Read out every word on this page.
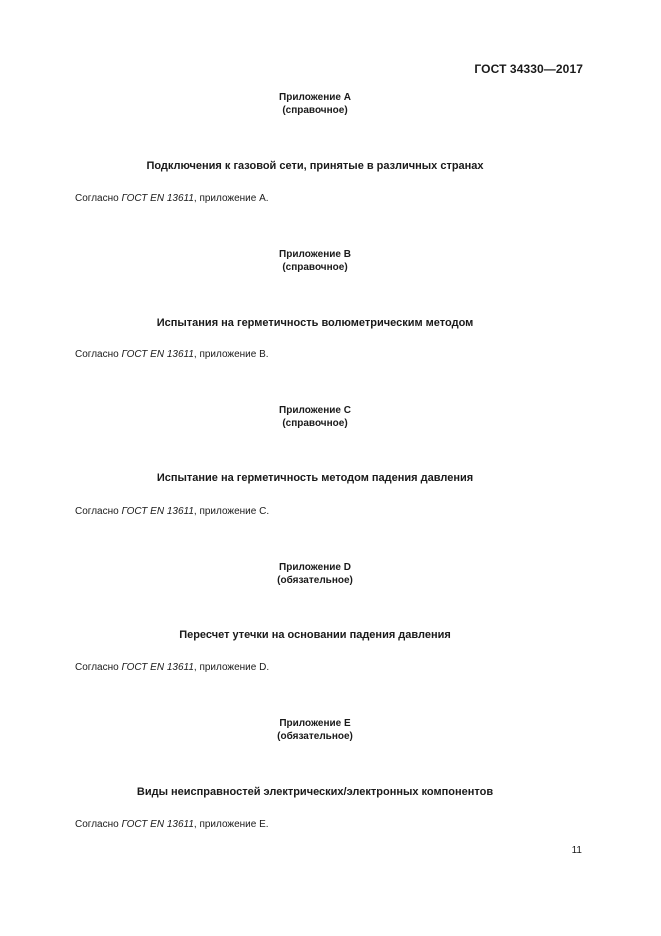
ГОСТ 34330—2017
Приложение A
(справочное)
Подключения к газовой сети, принятые в различных странах
Согласно ГОСТ EN 13611, приложение A.
Приложение B
(справочное)
Испытания на герметичность волюметрическим методом
Согласно ГОСТ EN 13611, приложение B.
Приложение C
(справочное)
Испытание на герметичность методом падения давления
Согласно ГОСТ EN 13611, приложение C.
Приложение D
(обязательное)
Пересчет утечки на основании падения давления
Согласно ГОСТ EN 13611, приложение D.
Приложение E
(обязательное)
Виды неисправностей электрических/электронных компонентов
Согласно ГОСТ EN 13611, приложение E.
11
